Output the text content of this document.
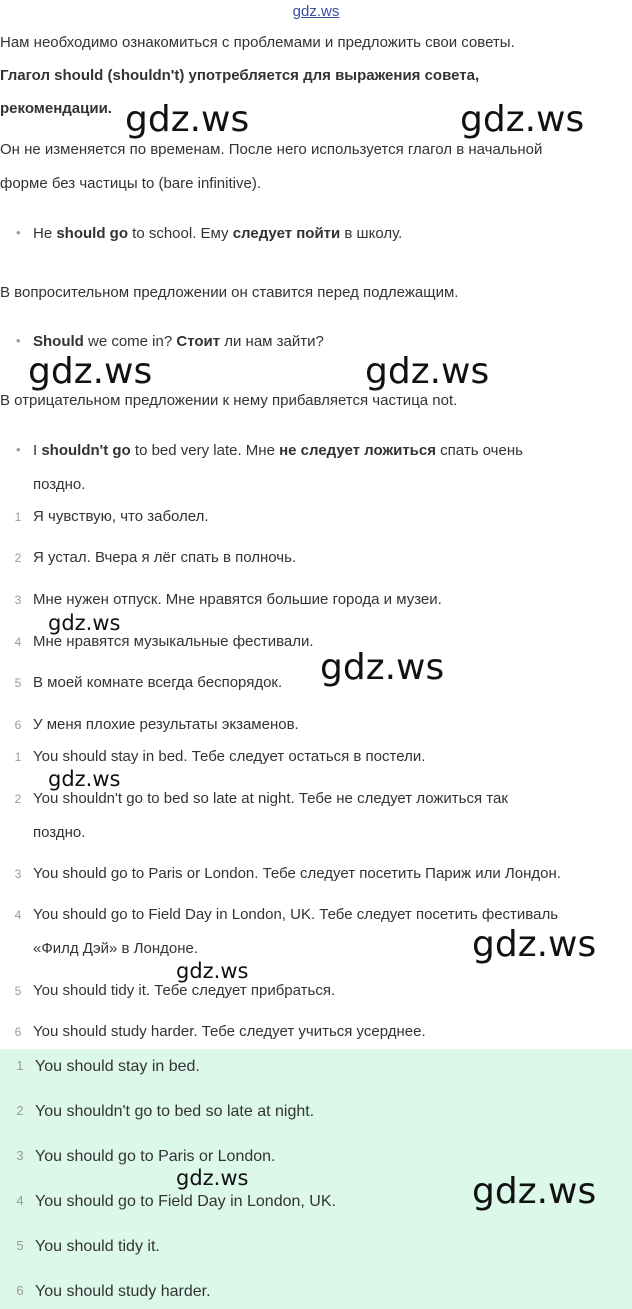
gdz.ws
Нам необходимо ознакомиться с проблемами и предложить свои советы.
Глагол should (shouldn't) употребляется для выражения совета,
рекомендации.
Он не изменяется по временам. После него используется глагол в начальной
форме без частицы to (bare infinitive).
• Не should go to school. Ему следует пойти в школу.
В вопросительном предложении он ставится перед подлежащим.
• Should we come in? Стоит ли нам зайти?
В отрицательном предложении к нему прибавляется частица not.
• I shouldn't go to bed very late. Мне не следует ложиться спать очень
поздно.
1 Я чувствую, что заболел.
2 Я устал. Вчера я лёг спать в полночь.
3 Мне нужен отпуск. Мне нравятся большие города и музеи.
4 Мне нравятся музыкальные фестивали.
5 В моей комнате всегда беспорядок.
6 У меня плохие результаты экзаменов.
1 You should stay in bed. Тебе следует остаться в постели.
2 You shouldn't go to bed so late at night. Тебе не следует ложиться так
поздно.
3 You should go to Paris or London. Тебе следует посетить Париж или Лондон.
4 You should go to Field Day in London, UK. Тебе следует посетить фестиваль
«Филд Дэй» в Лондоне.
5 You should tidy it. Тебе следует прибраться.
6 You should study harder. Тебе следует учиться усерднее.
1 You should stay in bed.
2 You shouldn't go to bed so late at night.
3 You should go to Paris or London.
4 You should go to Field Day in London, UK.
5 You should tidy it.
6 You should study harder.
gdz.ws	gdz.ws
gdz.ws	gdz.ws
gdz.ws
gdz.ws
gdz.ws
gdz.ws
gdz.ws
gdz.ws	gdz.ws
